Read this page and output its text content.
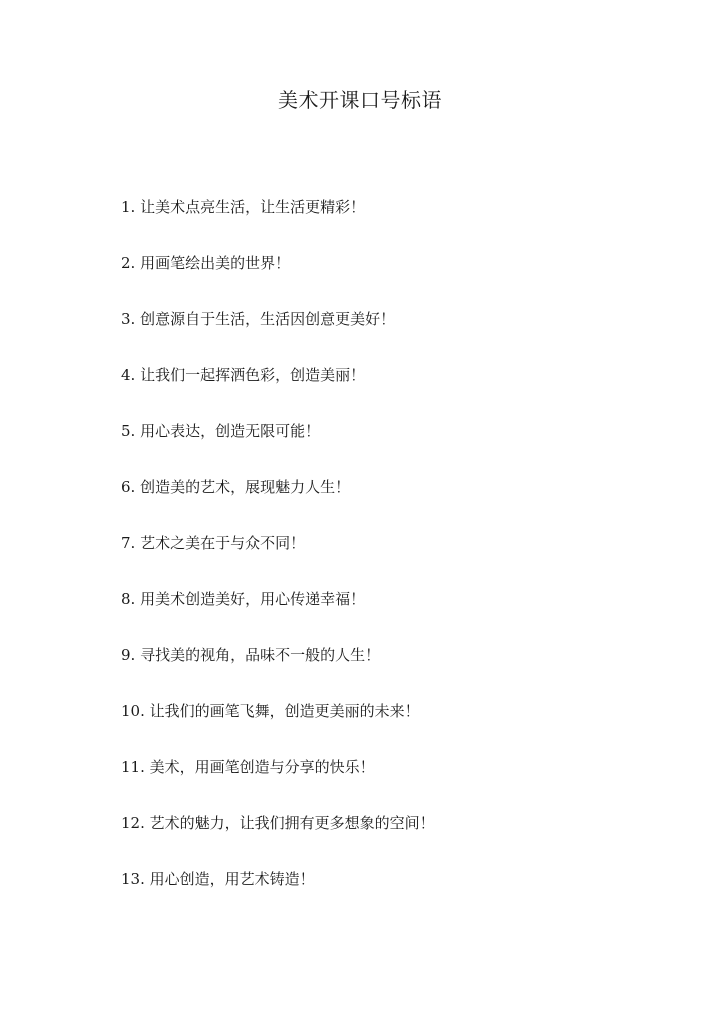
美术开课口号标语
1. 让美术点亮生活，让生活更精彩！
2. 用画笔绘出美的世界！
3. 创意源自于生活，生活因创意更美好！
4. 让我们一起挥洒色彩，创造美丽！
5. 用心表达，创造无限可能！
6. 创造美的艺术，展现魅力人生！
7. 艺术之美在于与众不同！
8. 用美术创造美好，用心传递幸福！
9. 寻找美的视角，品味不一般的人生！
10. 让我们的画笔飞舞，创造更美丽的未来！
11. 美术，用画笔创造与分享的快乐！
12. 艺术的魅力，让我们拥有更多想象的空间！
13. 用心创造，用艺术铸造！
